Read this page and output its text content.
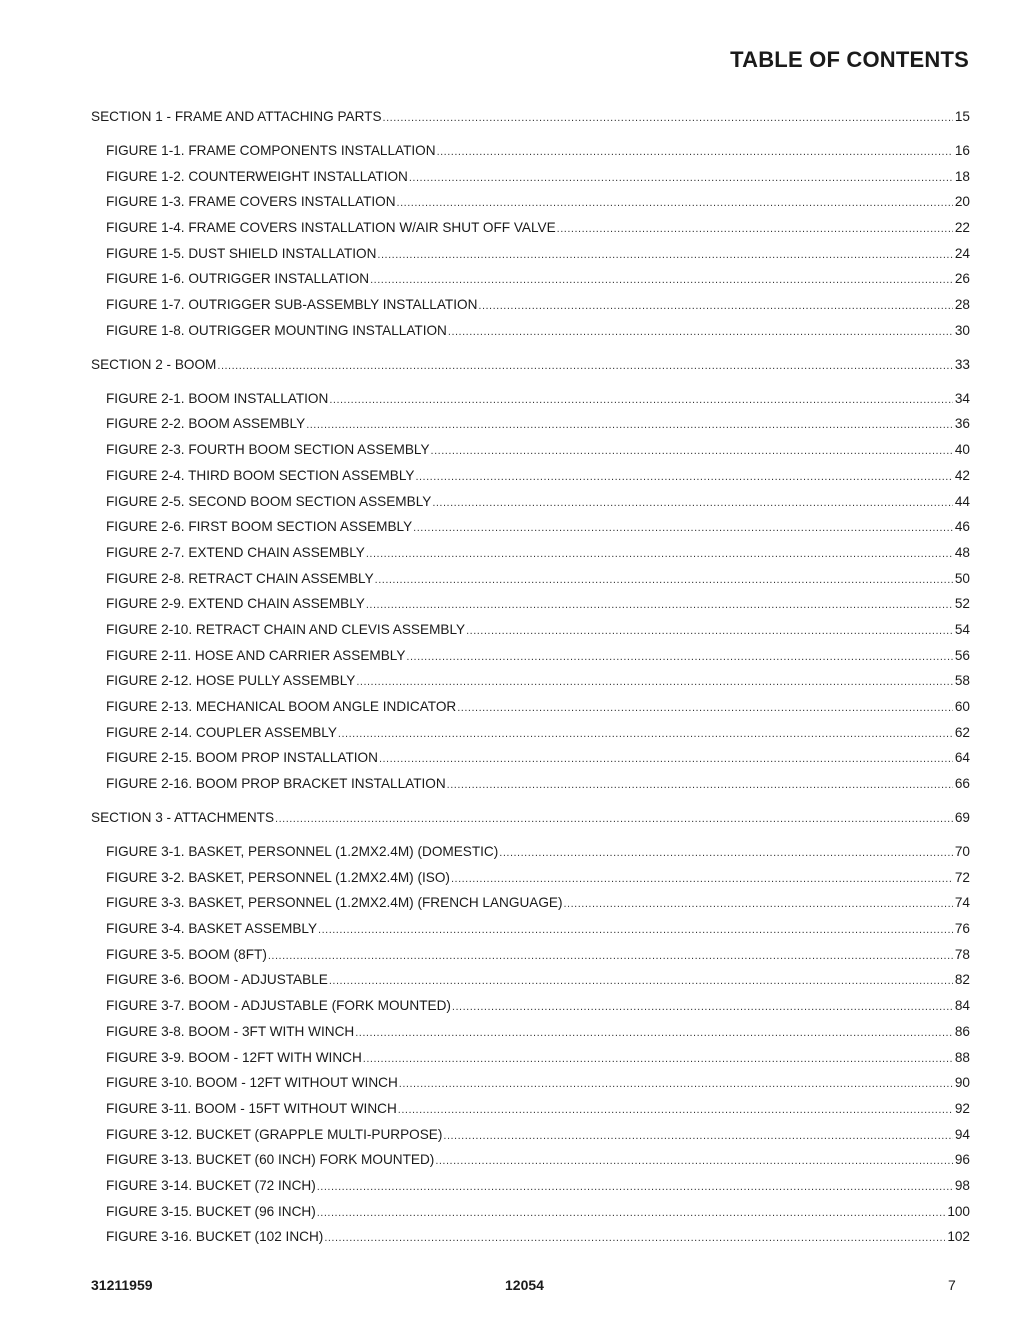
TABLE OF CONTENTS
SECTION 1 - FRAME AND ATTACHING PARTS .....	15
FIGURE 1-1. FRAME COMPONENTS INSTALLATION .....	16
FIGURE 1-2. COUNTERWEIGHT INSTALLATION .....	18
FIGURE 1-3. FRAME COVERS INSTALLATION .....	20
FIGURE 1-4. FRAME COVERS INSTALLATION W/AIR SHUT OFF VALVE .....	22
FIGURE 1-5. DUST SHIELD INSTALLATION .....	24
FIGURE 1-6. OUTRIGGER INSTALLATION .....	26
FIGURE 1-7. OUTRIGGER SUB-ASSEMBLY INSTALLATION .....	28
FIGURE 1-8. OUTRIGGER MOUNTING INSTALLATION .....	30
SECTION 2 - BOOM .....	33
FIGURE 2-1. BOOM INSTALLATION .....	34
FIGURE 2-2. BOOM ASSEMBLY .....	36
FIGURE 2-3. FOURTH BOOM SECTION ASSEMBLY .....	40
FIGURE 2-4. THIRD BOOM SECTION ASSEMBLY .....	42
FIGURE 2-5. SECOND BOOM SECTION ASSEMBLY .....	44
FIGURE 2-6. FIRST BOOM SECTION ASSEMBLY .....	46
FIGURE 2-7. EXTEND CHAIN ASSEMBLY .....	48
FIGURE 2-8. RETRACT CHAIN ASSEMBLY .....	50
FIGURE 2-9. EXTEND CHAIN ASSEMBLY .....	52
FIGURE 2-10. RETRACT CHAIN AND CLEVIS ASSEMBLY .....	54
FIGURE 2-11. HOSE AND CARRIER ASSEMBLY .....	56
FIGURE 2-12. HOSE PULLY ASSEMBLY .....	58
FIGURE 2-13. MECHANICAL BOOM ANGLE INDICATOR .....	60
FIGURE 2-14. COUPLER ASSEMBLY .....	62
FIGURE 2-15. BOOM PROP INSTALLATION .....	64
FIGURE 2-16. BOOM PROP BRACKET INSTALLATION .....	66
SECTION 3 - ATTACHMENTS .....	69
FIGURE 3-1. BASKET, PERSONNEL (1.2MX2.4M) (DOMESTIC) .....	70
FIGURE 3-2. BASKET, PERSONNEL (1.2MX2.4M) (ISO) .....	72
FIGURE 3-3. BASKET, PERSONNEL (1.2MX2.4M) (FRENCH LANGUAGE) .....	74
FIGURE 3-4. BASKET ASSEMBLY .....	76
FIGURE 3-5. BOOM (8FT) .....	78
FIGURE 3-6. BOOM - ADJUSTABLE .....	82
FIGURE 3-7. BOOM - ADJUSTABLE (FORK MOUNTED) .....	84
FIGURE 3-8. BOOM - 3FT WITH WINCH .....	86
FIGURE 3-9. BOOM - 12FT WITH WINCH .....	88
FIGURE 3-10. BOOM - 12FT WITHOUT WINCH .....	90
FIGURE 3-11. BOOM - 15FT WITHOUT WINCH .....	92
FIGURE 3-12. BUCKET (GRAPPLE MULTI-PURPOSE) .....	94
FIGURE 3-13. BUCKET (60 INCH) FORK MOUNTED) .....	96
FIGURE 3-14. BUCKET (72 INCH) .....	98
FIGURE 3-15. BUCKET (96 INCH) .....	100
FIGURE 3-16. BUCKET (102 INCH) .....	102
31211959	12054	7
